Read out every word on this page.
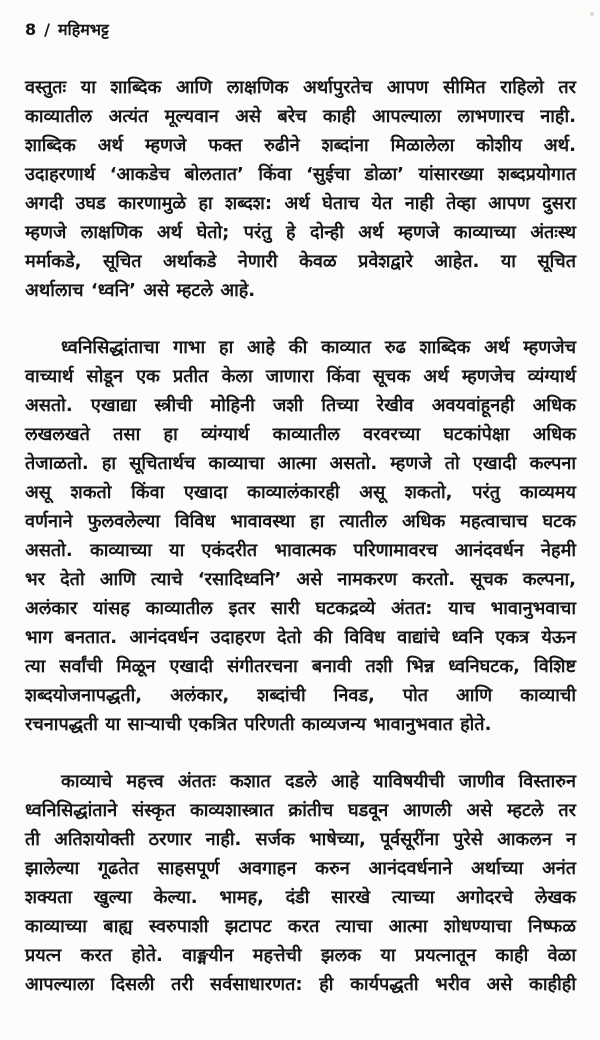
8 / महिमभट्ट
वस्तुतः या शाब्दिक आणि लाक्षणिक अर्थापुरतेच आपण सीमित राहिलो तर
काव्यातील अत्यंत मूल्यवान असे बरेच काही आपल्याला लाभणारच नाही.
शाब्दिक अर्थ म्हणजे फक्त रुढीने शब्दांना मिळालेला कोशीय अर्थ.
उदाहरणार्थ ‘आकडेच बोलतात’ किंवा ‘सुईचा डोळा’ यांसारख्या शब्दप्रयोगात
अगदी उघड कारणामुळे हा शब्दश: अर्थ घेताच येत नाही तेव्हा आपण दुसरा
म्हणजे लाक्षणिक अर्थ घेतो; परंतु हे दोन्ही अर्थ म्हणजे काव्याच्या अंतःस्थ
मर्माकडे, सूचित अर्थाकडे नेणारी केवळ प्रवेशद्वारे आहेत. या सूचित
अर्थालाच ‘ध्वनि’ असे म्हटले आहे.
ध्वनिसिद्धांताचा गाभा हा आहे की काव्यात रुढ शाब्दिक अर्थ म्हणजेच
वाच्यार्थ सोडून एक प्रतीत केला जाणारा किंवा सूचक अर्थ म्हणजेच व्यंग्यार्थ
असतो. एखाद्या स्त्रीची मोहिनी जशी तिच्या रेखीव अवयवांहूनही अधिक
लखलखते तसा हा व्यंग्यार्थ काव्यातील वरवरच्या घटकांपेक्षा अधिक
तेजाळतो. हा सूचितार्थच काव्याचा आत्मा असतो. म्हणजे तो एखादी कल्पना
असू शकतो किंवा एखादा काव्यालंकारही असू शकतो, परंतु काव्यमय
वर्णनाने फुलवलेल्या विविध भावावस्था हा त्यातील अधिक महत्वाचाच घटक
असतो. काव्याच्या या एकंदरीत भावात्मक परिणामावरच आनंदवर्धन नेहमी
भर देतो आणि त्याचे ‘रसादिध्वनि’ असे नामकरण करतो. सूचक कल्पना,
अलंकार यांसह काव्यातील इतर सारी घटकद्रव्ये अंतत: याच भावानुभवाचा
भाग बनतात. आनंदवर्धन उदाहरण देतो की विविध वाद्यांचे ध्वनि एकत्र येऊन
त्या सर्वांची मिळून एखादी संगीतरचना बनावी तशी भिन्न ध्वनिघटक, विशिष्ट
शब्दयोजनापद्धती, अलंकार, शब्दांची निवड, पोत आणि काव्याची
रचनापद्धती या साऱ्याची एकत्रित परिणती काव्यजन्य भावानुभवात होते.
काव्याचे महत्त्व अंततः कशात दडले आहे याविषयीची जाणीव विस्तारुन
ध्वनिसिद्धांताने संस्कृत काव्यशास्त्रात क्रांतीच घडवून आणली असे म्हटले तर
ती अतिशयोक्ती ठरणार नाही. सर्जक भाषेच्या, पूर्वसूरींना पुरेसे आकलन न
झालेल्या गूढतेत साहसपूर्ण अवगाहन करुन आनंदवर्धनाने अर्थाच्या अनंत
शक्यता खुल्या केल्या. भामह, दंडी सारखे त्याच्या अगोदरचे लेखक
काव्याच्या बाह्य स्वरुपाशी झटापट करत त्याचा आत्मा शोधण्याचा निष्फळ
प्रयत्न करत होते. वाङ्मयीन महत्तेची झलक या प्रयत्नातून काही वेळा
आपल्याला दिसली तरी सर्वसाधारणत: ही कार्यपद्धती भरीव असे काहीही
